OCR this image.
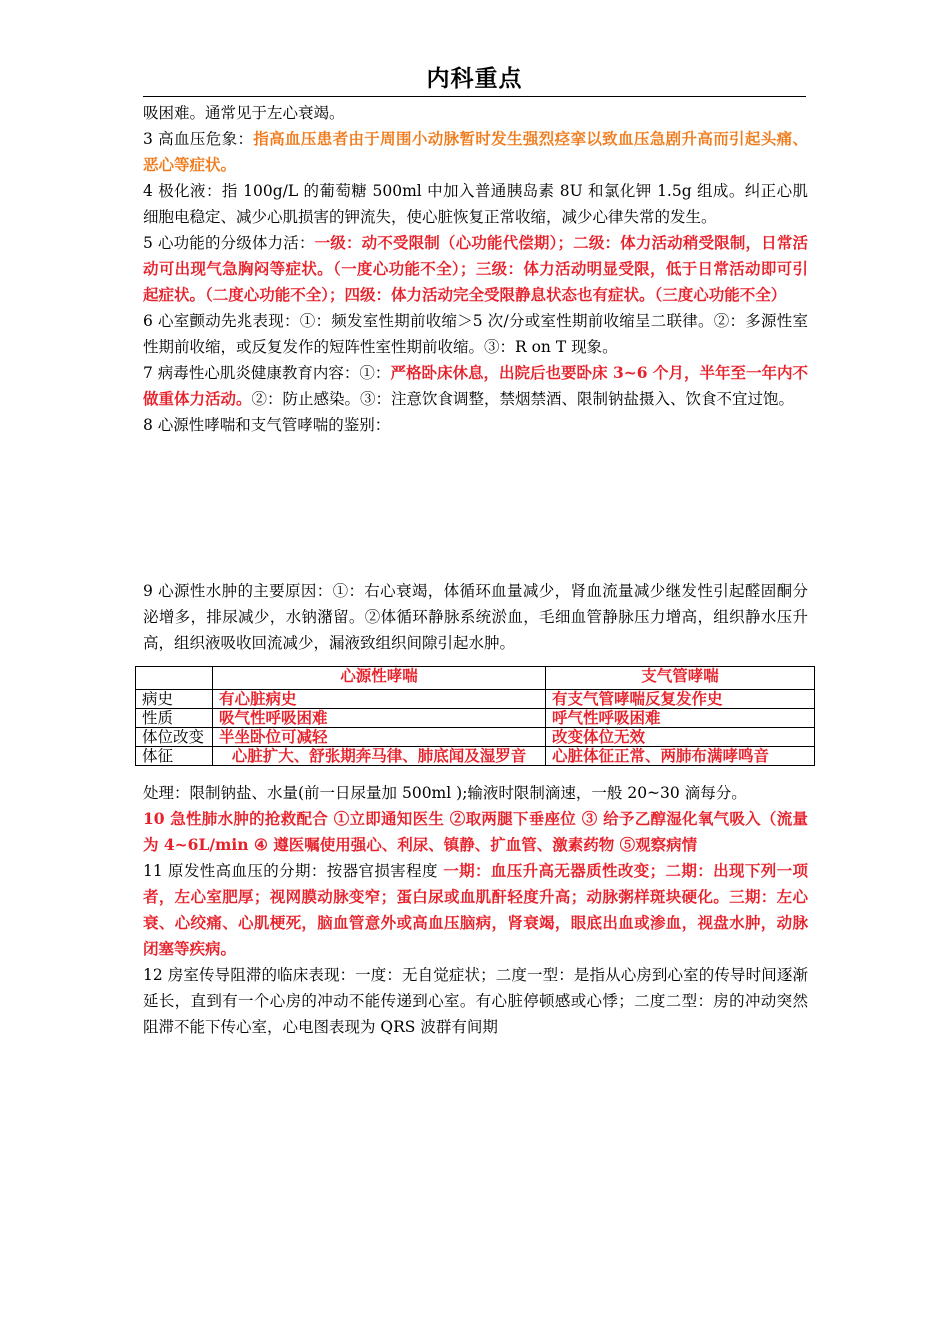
内科重点

吸困难。通常见于左心衰竭。

3 高血压危象：指高血压患者由于周围小动脉暂时发生强烈痉挛以致血压急剧升高而引起头痛、恶心等症状。

4 极化液：指 100g/L 的葡萄糖 500ml 中加入普通胰岛素 8U 和氯化钾 1.5g 组成。纠正心肌细胞电稳定、减少心肌损害的钾流失，使心脏恢复正常收缩，减少心律失常的发生。

5 心功能的分级体力活：一级：动不受限制（心功能代偿期）；二级：体力活动稍受限制，日常活动可出现气急胸闷等症状。（一度心功能不全）；三级：体力活动明显受限，低于日常活动即可引起症状。（二度心功能不全）；四级：体力活动完全受限静息状态也有症状。（三度心功能不全）

6 心室颤动先兆表现：①：频发室性期前收缩＞5 次/分或室性期前收缩呈二联律。②：多源性室性期前收缩，或反复发作的短阵性室性期前收缩。③：R on T 现象。

7 病毒性心肌炎健康教育内容：①：严格卧床休息，出院后也要卧床 3~6 个月，半年至一年内不做重体力活动。②：防止感染。③：注意饮食调整，禁烟禁酒、限制钠盐摄入、饮食不宜过饱。

8 心源性哮喘和支气管哮喘的鉴别：

9 心源性水肿的主要原因：①：右心衰竭，体循环血量减少，肾血流量减少继发性引起醛固酮分泌增多，排尿减少，水钠潴留。②体循环静脉系统淤血，毛细血管静脉压力增高，组织静水压升高，组织液吸收回流减少，漏液致组织间隙引起水肿。

	心源性哮喘	支气管哮喘
病史	有心脏病史	有支气管哮喘反复发作史
性质	吸气性呼吸困难	呼气性呼吸困难
体位改变	半坐卧位可减轻	改变体位无效
体征	心脏扩大、舒张期奔马律、肺底闻及湿罗音	心脏体征正常、两肺布满哮鸣音

处理：限制钠盐、水量(前一日尿量加 500ml );输液时限制滴速，一般 20~30 滴每分。

10 急性肺水肿的抢救配合 ①立即通知医生 ②取两腿下垂座位 ③ 给予乙醇湿化氧气吸入（流量为 4~6L/min ④ 遵医嘱使用强心、利尿、镇静、扩血管、激素药物 ⑤观察病情

11 原发性高血压的分期：按器官损害程度 一期：血压升高无器质性改变；二期：出现下列一项者，左心室肥厚；视网膜动脉变窄；蛋白尿或血肌酐轻度升高；动脉粥样斑块硬化。三期：左心衰、心绞痛、心肌梗死，脑血管意外或高血压脑病，肾衰竭，眼底出血或渗血，视盘水肿，动脉闭塞等疾病。

12 房室传导阻滞的临床表现：一度：无自觉症状；二度一型：是指从心房到心室的传导时间逐渐延长，直到有一个心房的冲动不能传递到心室。有心脏停顿感或心悸；二度二型：房的冲动突然阻滞不能下传心室，心电图表现为 QRS 波群有间期
